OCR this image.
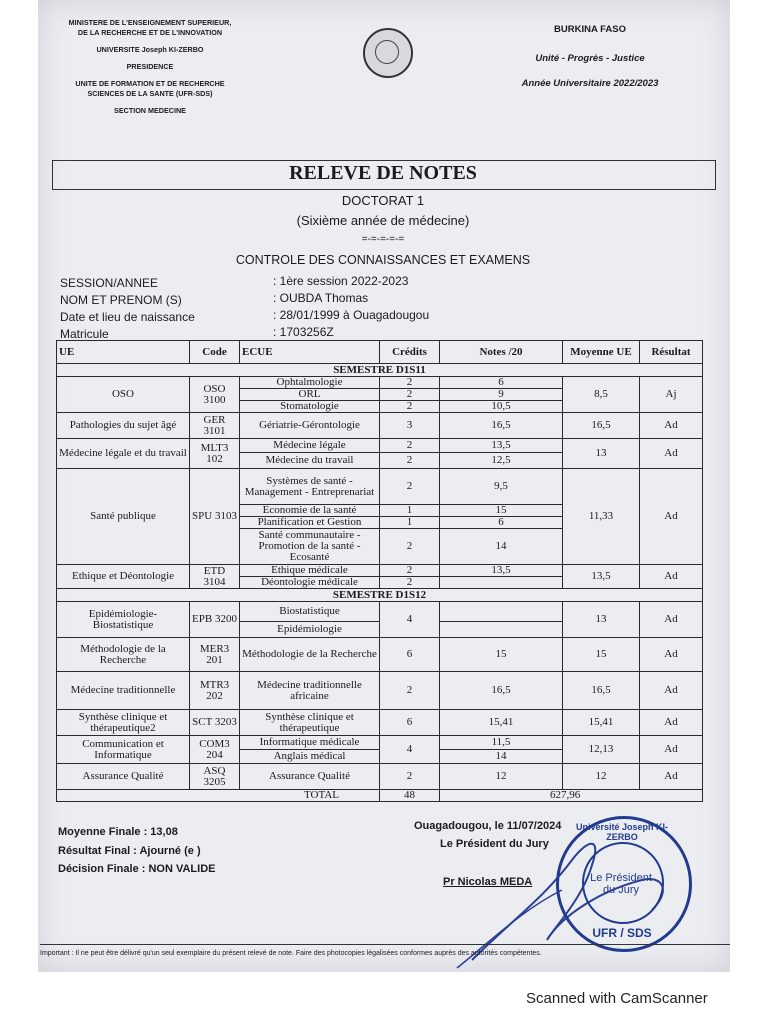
MINISTERE DE L'ENSEIGNEMENT SUPERIEUR,
DE LA RECHERCHE ET DE L'INNOVATION
UNIVERSITE Joseph KI-ZERBO
PRESIDENCE
UNITE DE FORMATION ET DE RECHERCHE
SCIENCES DE LA SANTE (UFR-SDS)
SECTION MEDECINE
BURKINA FASO
Unité - Progrès - Justice
Année Universitaire 2022/2023
RELEVE DE NOTES
DOCTORAT 1
(Sixième année de médecine)
=-=-=-=-=
CONTROLE DES CONNAISSANCES ET EXAMENS
SESSION/ANNEE	: 1ère session 2022-2023
NOM ET PRENOM (S)	: OUBDA Thomas
Date et lieu de naissance	: 28/01/1999 à Ouagadougou
Matricule	: 1703256Z
UE	Code	ECUE	Crédits	Notes /20	Moyenne UE	Résultat
SEMESTRE D1S11						
OSO	OSO 3100	Ophtalmologie	2	6	8,5	Aj
		ORL	2	9		
		Stomatologie	2	10,5		
Pathologies du sujet âgé	GER 3101	Gériatrie-Gérontologie	3	16,5	16,5	Ad
Médecine légale et du travail	MLT3 102	Médecine légale	2	13,5	13	Ad
		Médecine du travail	2	12,5		
Santé publique	SPU 3103	Systèmes de santé - Management - Entreprenariat	2	9,5	11,33	Ad
		Economie de la santé	1	15		
		Planification et Gestion	1	6		
		Santé communautaire -Promotion de la santé -Ecosanté	2	14		
Ethique et Déontologie	ETD 3104	Ethique médicale	2	13,5	13,5	Ad
		Déontologie médicale	2			
SEMESTRE D1S12						
Epidémiologie-Biostatistique	EPB 3200	Biostatistique	4		13	Ad
		Epidémiologie				
Méthodologie de la Recherche	MER3 201	Méthodologie de la Recherche	6	15	15	Ad
Médecine traditionnelle	MTR3 202	Médecine traditionnelle africaine	2	16,5	16,5	Ad
Synthèse clinique et thérapeutique2	SCT 3203	Synthèse clinique et thérapeutique	6	15,41	15,41	Ad
Communication et Informatique	COM3 204	Informatique médicale	4	11,5	12,13	Ad
		Anglais médical		14		
Assurance Qualité	ASQ 3205	Assurance Qualité	2	12	12	Ad
TOTAL			48	627,96		
Moyenne Finale : 13,08
Résultat Final : Ajourné (e )
Décision Finale : NON VALIDE
Ouagadougou, le 11/07/2024
Le Président du Jury
Pr Nicolas MEDA
Université Joseph KI-ZERBO
Le Président du Jury
UFR / SDS
Important : Il ne peut être délivré qu'un seul exemplaire du présent relevé de note. Faire des photocopies légalisées conformes auprès des autorités compétentes.
Scanned with CamScanner
